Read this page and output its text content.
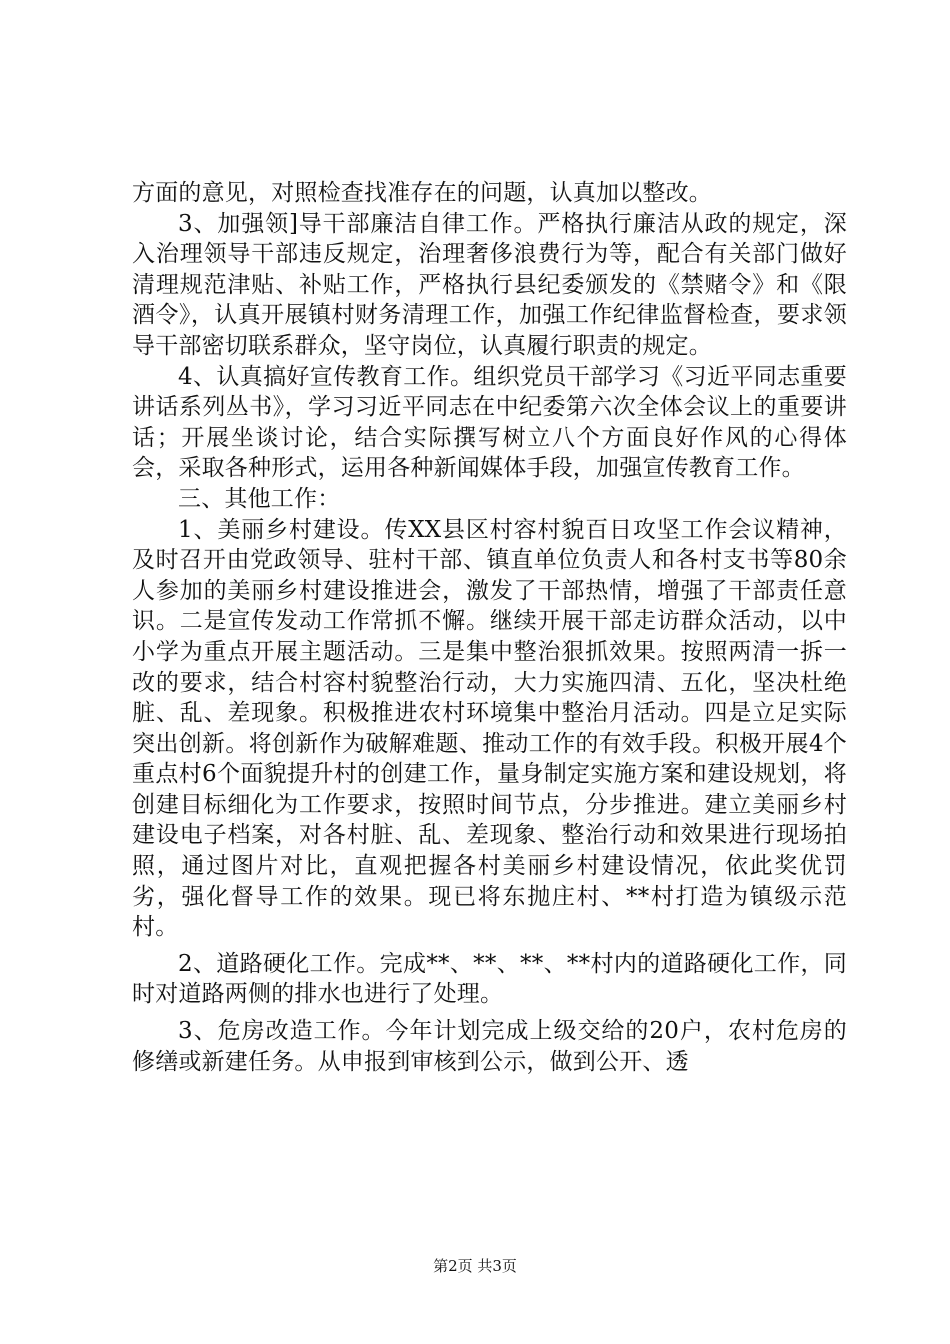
方面的意见，对照检查找准存在的问题，认真加以整改。

3、加强领]导干部廉洁自律工作。严格执行廉洁从政的规定，深入治理领导干部违反规定，治理奢侈浪费行为等，配合有关部门做好清理规范津贴、补贴工作，严格执行县纪委颁发的《禁赌令》和《限酒令》，认真开展镇村财务清理工作，加强工作纪律监督检查，要求领导干部密切联系群众，坚守岗位，认真履行职责的规定。

4、认真搞好宣传教育工作。组织党员干部学习《习近平同志重要讲话系列丛书》，学习习近平同志在中纪委第六次全体会议上的重要讲话；开展坐谈讨论，结合实际撰写树立八个方面良好作风的心得体会，采取各种形式，运用各种新闻媒体手段，加强宣传教育工作。

三、其他工作：

1、美丽乡村建设。传XX县区村容村貌百日攻坚工作会议精神，及时召开由党政领导、驻村干部、镇直单位负责人和各村支书等80余人参加的美丽乡村建设推进会，激发了干部热情，增强了干部责任意识。二是宣传发动工作常抓不懈。继续开展干部走访群众活动，以中小学为重点开展主题活动。三是集中整治狠抓效果。按照两清一拆一改的要求，结合村容村貌整治行动，大力实施四清、五化，坚决杜绝脏、乱、差现象。积极推进农村环境集中整治月活动。四是立足实际突出创新。将创新作为破解难题、推动工作的有效手段。积极开展4个重点村6个面貌提升村的创建工作，量身制定实施方案和建设规划，将创建目标细化为工作要求，按照时间节点，分步推进。建立美丽乡村建设电子档案，对各村脏、乱、差现象、整治行动和效果进行现场拍照，通过图片对比，直观把握各村美丽乡村建设情况，依此奖优罚劣，强化督导工作的效果。现已将东抛庄村、**村打造为镇级示范村。

2、道路硬化工作。完成**、**、**、**村内的道路硬化工作，同时对道路两侧的排水也进行了处理。

3、危房改造工作。今年计划完成上级交给的20户，农村危房的修缮或新建任务。从申报到审核到公示，做到公开、透

第2页 共3页
